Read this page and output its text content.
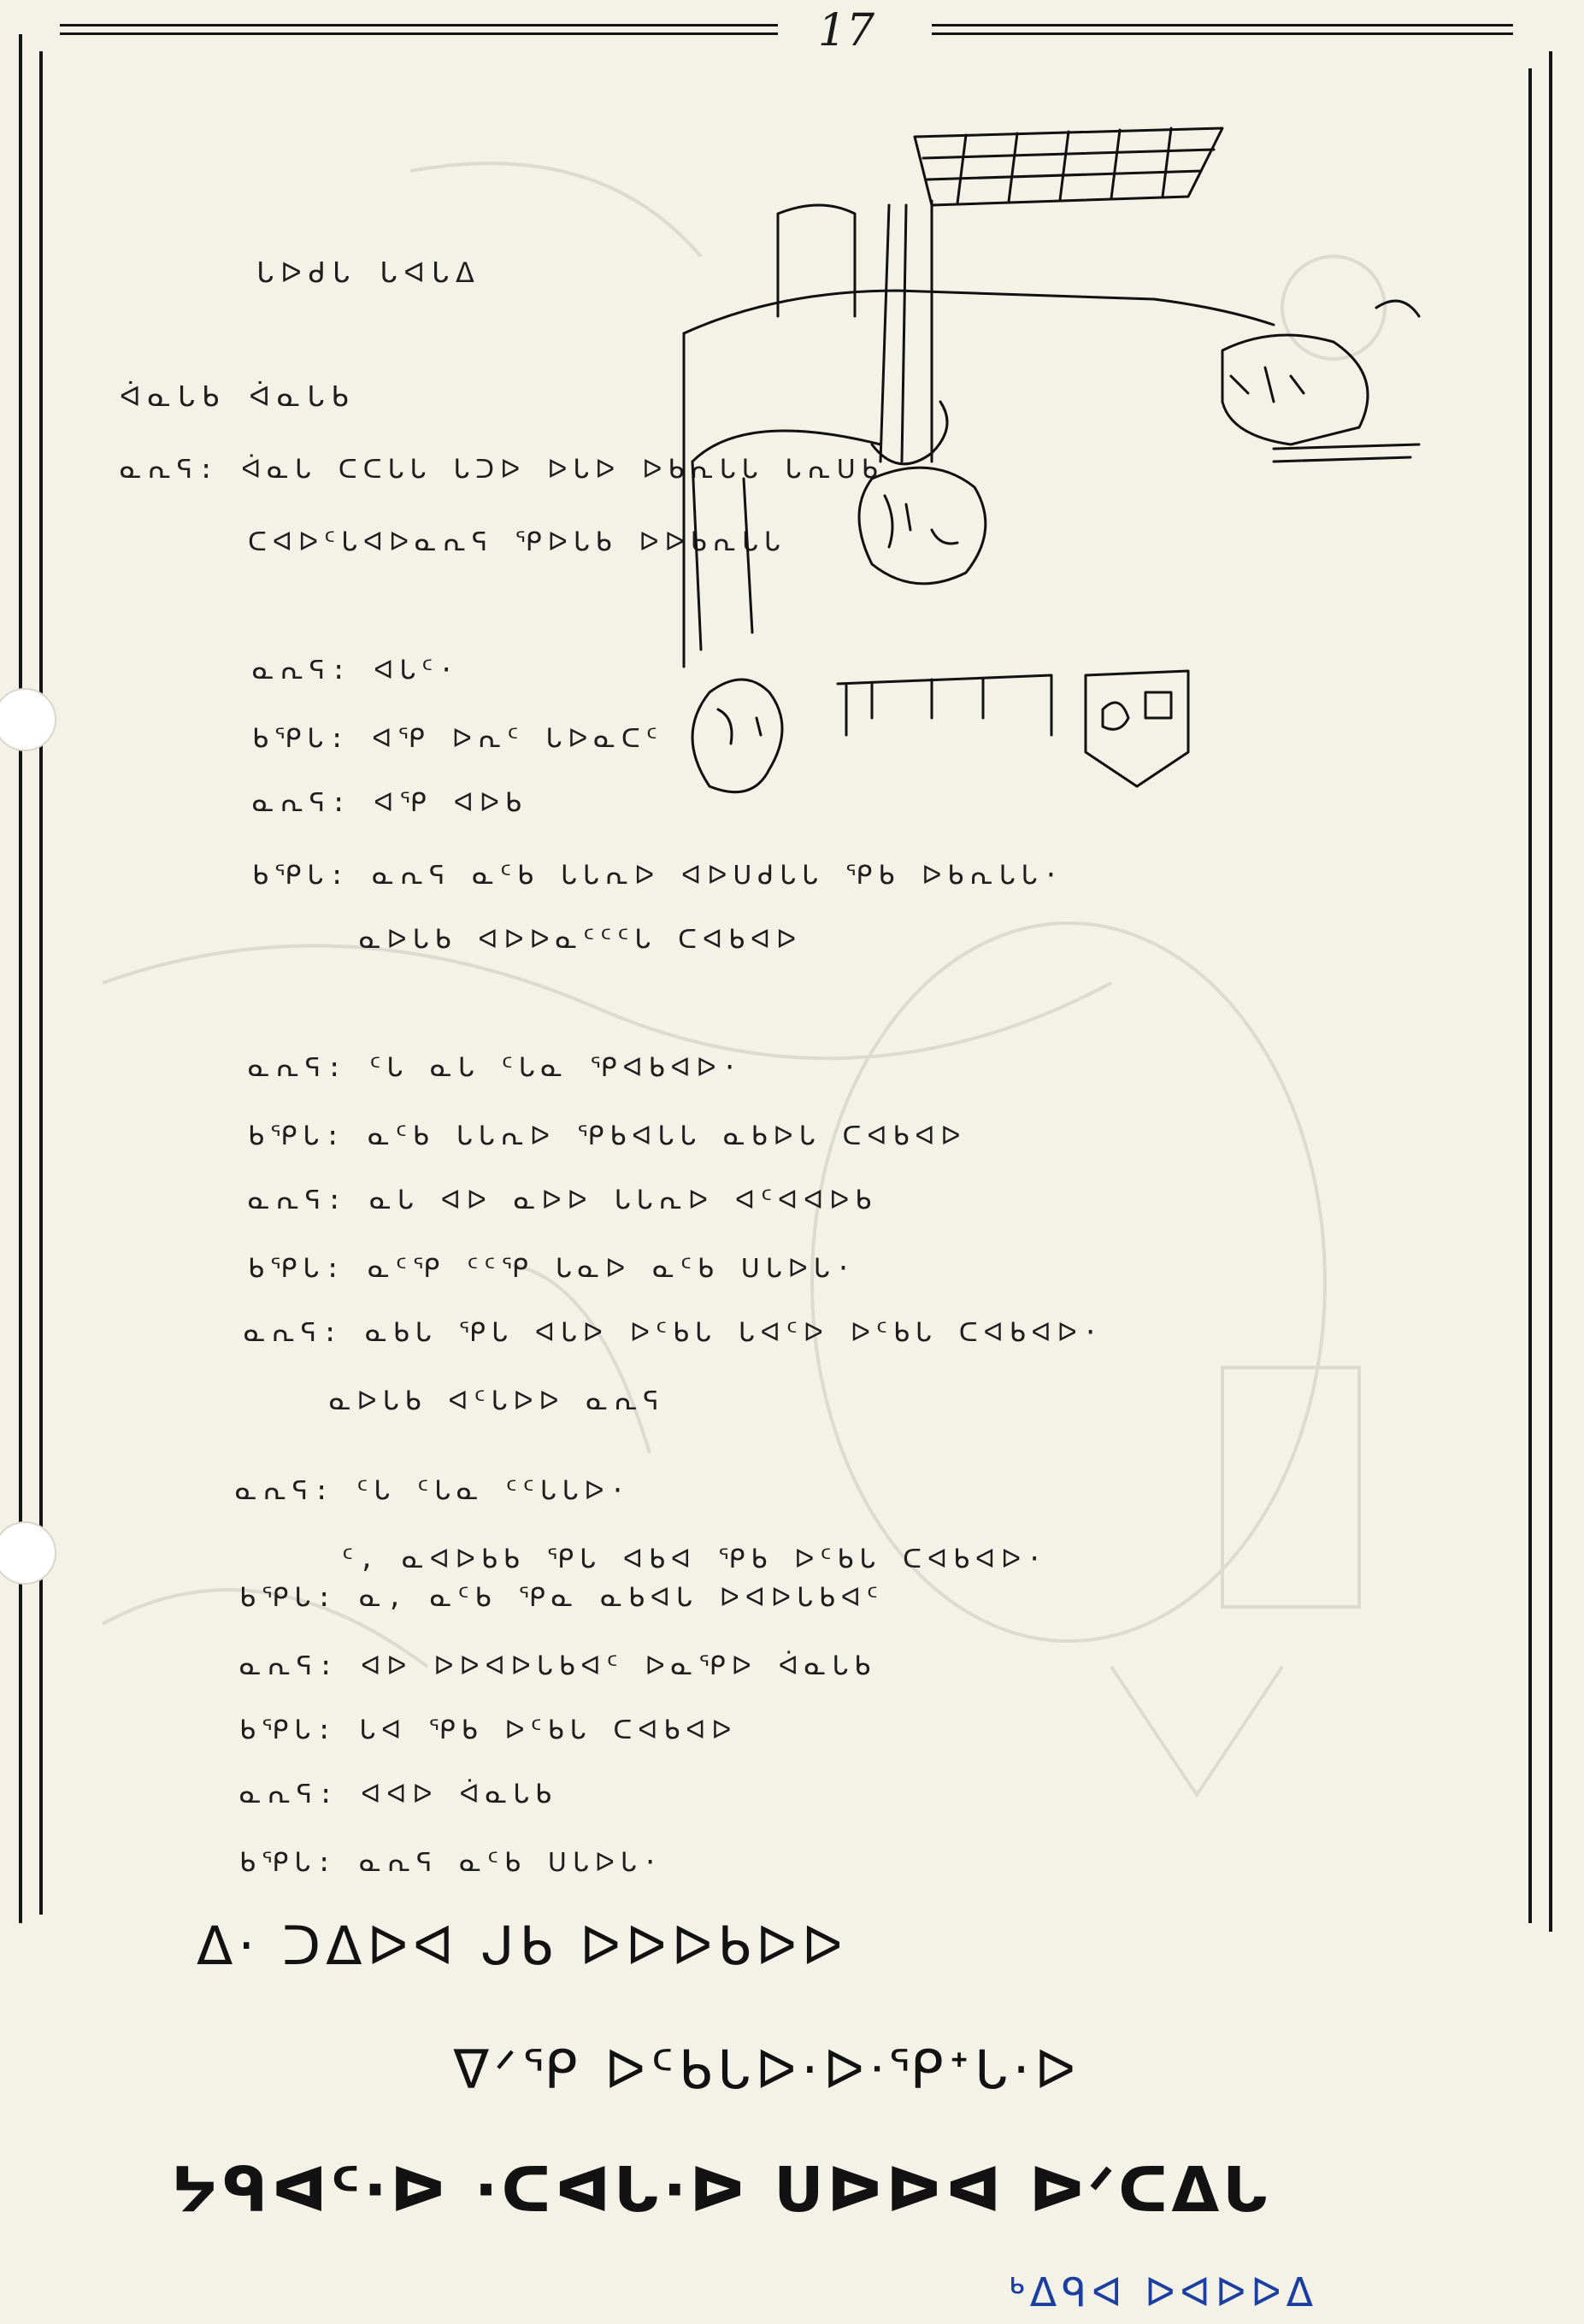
17
ᒐᐅᑯᒐ ᒐᐊᒐᐃ
ᐋᓇᒐᑲ ᐋᓇᒐᑲ
ᓇᕆᕋ: ᐋᓇᒐ ᑕᑕᒐᒐ ᒐᑐᐅ ᐅᒐᐅ ᐅᑲᕆᒐᒐ ᒐᕆᑌᑲ
ᑕᐊᐅᑦᒐᐊᐅᓇᕆᕋ ᕿᐅᒐᑲ ᐅᐅᑲᕆᒐᒐ
ᓇᕆᕋ: ᐊᒐᑦ·
ᑲᕿᒐ: ᐊᕿ ᐅᕆᑦ ᒐᐅᓇᑕᑦ
ᓇᕆᕋ: ᐊᕿ ᐊᐅᑲ
ᑲᕿᒐ: ᓇᕆᕋ ᓇᑦᑲ ᒐᒐᕆᐅ ᐊᐅᑌᑯᒐᒐ ᕿᑲ ᐅᑲᕆᒐᒐ·
ᓇᐅᒐᑲ ᐊᐅᐅᓇᑦᑦᑦᒐ ᑕᐊᑲᐊᐅ
ᓇᕆᕋ: ᑦᒐ ᓇᒐ ᑦᒐᓇ ᕿᐊᑲᐊᐅ·
ᑲᕿᒐ: ᓇᑦᑲ ᒐᒐᕆᐅ ᕿᑲᐊᒐᒐ ᓇᑲᐅᒐ ᑕᐊᑲᐊᐅ
ᓇᕆᕋ: ᓇᒐ ᐊᐅ ᓇᐅᐅ ᒐᒐᕆᐅ ᐊᑦᐊᐊᐅᑲ
ᑲᕿᒐ: ᓇᑦᕿ ᑦᑦᕿ ᒐᓇᐅ ᓇᑦᑲ ᑌᒐᐅᒐ·
ᓇᕆᕋ: ᓇᑲᒐ ᕿᒐ ᐊᒐᐅ ᐅᑦᑲᒐ ᒐᐊᑦᐅ ᐅᑦᑲᒐ ᑕᐊᑲᐊᐅ·
ᓇᐅᒐᑲ ᐊᑦᒐᐅᐅ ᓇᕆᕋ
ᓇᕆᕋ: ᑦᒐ ᑦᒐᓇ ᑦᑦᒐᒐᐅ·
ᑦ, ᓇᐊᐅᑲᑲ ᕿᒐ ᐊᑲᐊ ᕿᑲ ᐅᑦᑲᒐ ᑕᐊᑲᐊᐅ·
ᑲᕿᒐ: ᓇ, ᓇᑦᑲ ᕿᓇ ᓇᑲᐊᒐ ᐅᐊᐅᒐᑲᐊᑦ
ᓇᕆᕋ: ᐊᐅ ᐅᐅᐊᐅᒐᑲᐊᑦ ᐅᓇᕿᐅ ᐋᓇᒐᑲ
ᑲᕿᒐ: ᒐᐊ ᕿᑲ ᐅᑦᑲᒐ ᑕᐊᑲᐊᐅ
ᓇᕆᕋ: ᐊᐊᐅ ᐋᓇᒐᑲ
ᑲᕿᒐ: ᓇᕆᕋ ᓇᑦᑲ ᑌᒐᐅᒐ·
ᐃ· ᑐᐃᐅᐊ ᒍᑲ ᐅᐅᐅᑲᐅᐅ
ᐁᐟᕿ ᐅᑦᑲᒐᐅ·ᐅᐧᕿᐩᒐ·ᐅ
ᔭᑫᐊᑦ·ᐅ ·ᑕᐊᒐ·ᐅ ᑌᐅᐅᐊ ᐅᐟᑕᐃᒐ
ᒃᐃᑫᐊ ᐅᐊᐅᐅᐃ
